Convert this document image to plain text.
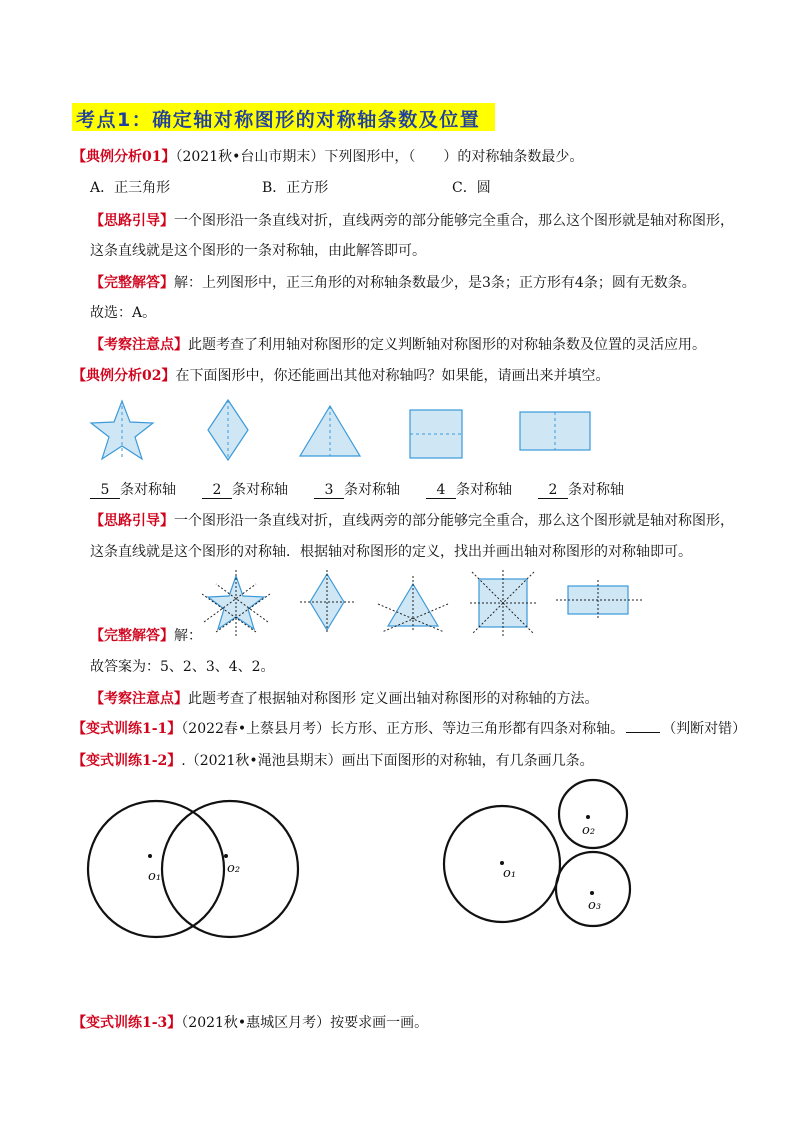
考点1：确定轴对称图形的对称轴条数及位置
【典例分析01】（2021秋•台山市期末）下列图形中，（　　）的对称轴条数最少。
A．正三角形	B．正方形	C．圆
【思路引导】一个图形沿一条直线对折，直线两旁的部分能够完全重合，那么这个图形就是轴对称图形，
这条直线就是这个图形的一条对称轴，由此解答即可。
【完整解答】解：上列图形中，正三角形的对称轴条数最少，是3条；正方形有4条；圆有无数条。
故选：A。
【考察注意点】此题考查了利用轴对称图形的定义判断轴对称图形的对称轴条数及位置的灵活应用。
【典例分析02】在下面图形中，你还能画出其他对称轴吗？如果能，请画出来并填空。
5 条对称轴	2 条对称轴	3 条对称轴	4 条对称轴	2 条对称轴
【思路引导】一个图形沿一条直线对折，直线两旁的部分能够完全重合，那么这个图形就是轴对称图形，
这条直线就是这个图形的对称轴．根据轴对称图形的定义，找出并画出轴对称图形的对称轴即可。
【完整解答】解：
故答案为：5、2、3、4、2。
【考察注意点】此题考查了根据轴对称图形 定义画出轴对称图形的对称轴的方法。
【变式训练1-1】（2022春•上蔡县月考）长方形、正方形、等边三角形都有四条对称轴。	（判断对错）
【变式训练1-2】.（2021秋•渑池县期末）画出下面图形的对称轴，有几条画几条。
o₁
o₂	o₁
o₂
o₃
【变式训练1-3】（2021秋•惠城区月考）按要求画一画。
